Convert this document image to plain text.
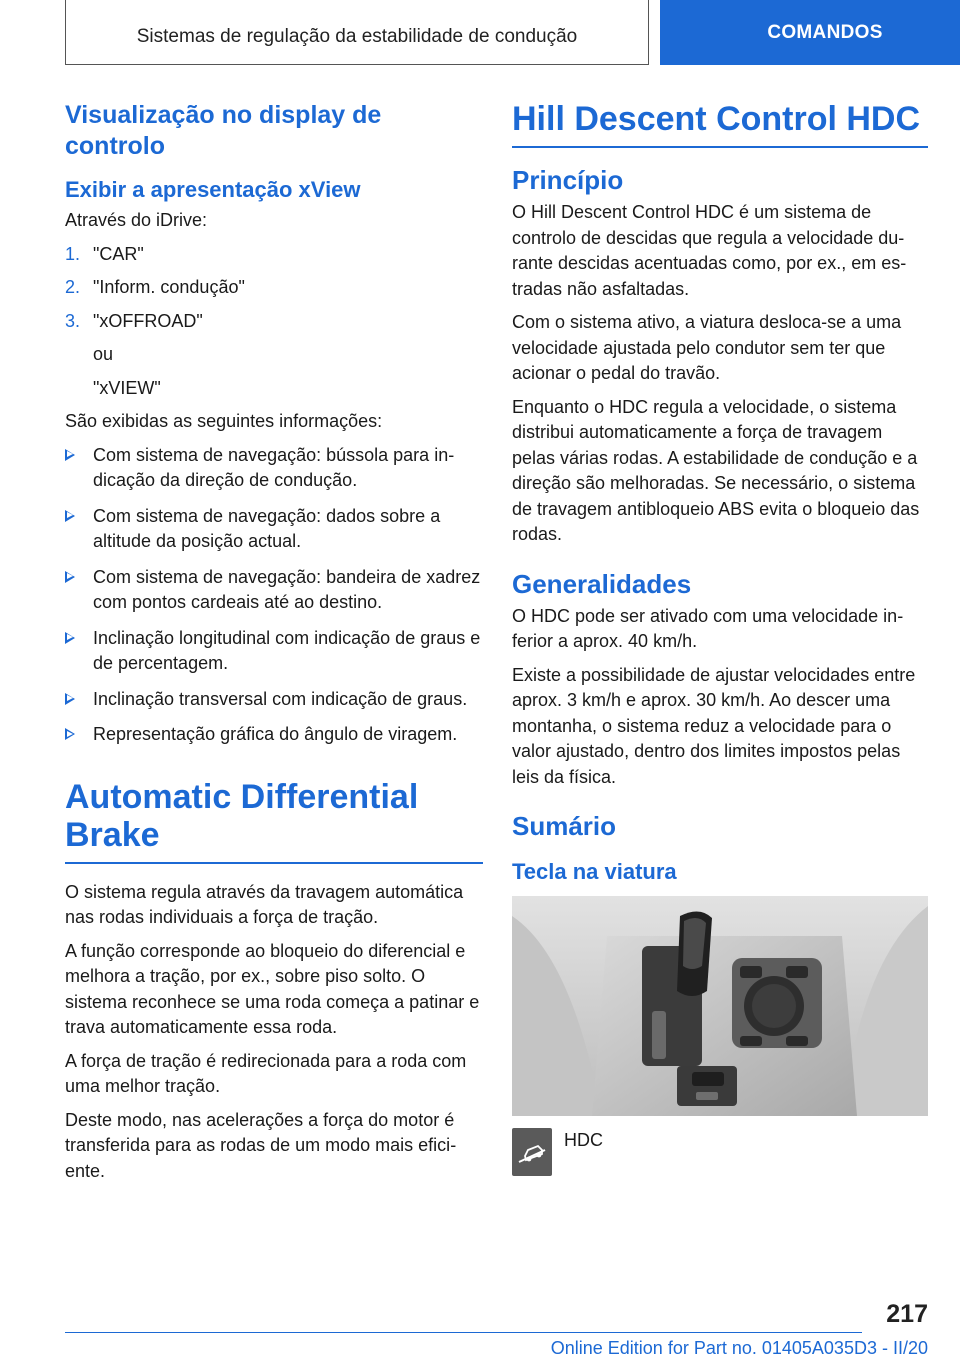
Sistemas de regulação da estabilidade de condução	COMANDOS
Visualização no display de controlo
Exibir a apresentação xView
Através do iDrive:
1. "CAR"
2. "Inform. condução"
3. "xOFFROAD"
ou
"xVIEW"
São exibidas as seguintes informações:
Com sistema de navegação: bússola para indicação da direção de condução.
Com sistema de navegação: dados sobre a altitude da posição actual.
Com sistema de navegação: bandeira de xadrez com pontos cardeais até ao destino.
Inclinação longitudinal com indicação de graus e de percentagem.
Inclinação transversal com indicação de graus.
Representação gráfica do ângulo de viragem.
Automatic Differential Brake
O sistema regula através da travagem automática nas rodas individuais a força de tração.
A função corresponde ao bloqueio do diferencial e melhora a tração, por ex., sobre piso solto. O sistema reconhece se uma roda começa a patinar e trava automaticamente essa roda.
A força de tração é redirecionada para a roda com uma melhor tração.
Deste modo, nas acelerações a força do motor é transferida para as rodas de um modo mais eficiente.
Hill Descent Control HDC
Princípio
O Hill Descent Control HDC é um sistema de controlo de descidas que regula a velocidade durante descidas acentuadas como, por ex., em estradas não asfaltadas.
Com o sistema ativo, a viatura desloca-se a uma velocidade ajustada pelo condutor sem ter que acionar o pedal do travão.
Enquanto o HDC regula a velocidade, o sistema distribui automaticamente a força de travagem pelas várias rodas. A estabilidade de condução e a direção são melhoradas. Se necessário, o sistema de travagem antibloqueio ABS evita o bloqueio das rodas.
Generalidades
O HDC pode ser ativado com uma velocidade inferior a aprox. 40 km/h.
Existe a possibilidade de ajustar velocidades entre aprox. 3 km/h e aprox. 30 km/h. Ao descer uma montanha, o sistema reduz a velocidade para o valor ajustado, dentro dos limites impostos pelas leis da física.
Sumário
Tecla na viatura
HDC
217
Online Edition for Part no. 01405A035D3 - II/20
